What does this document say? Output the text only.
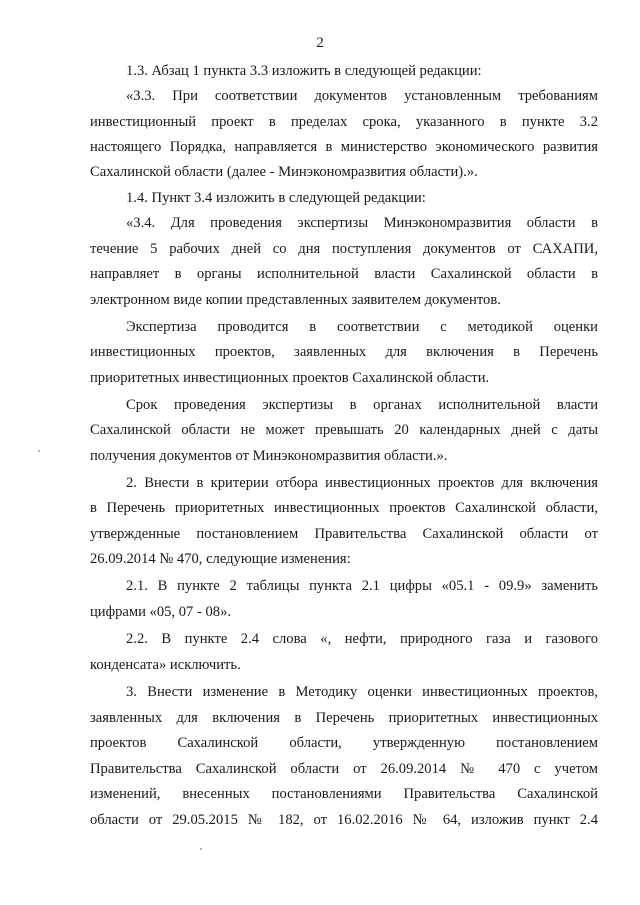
2
1.3. Абзац 1 пункта 3.3 изложить в следующей редакции:
«3.3. При соответствии документов установленным требованиям
инвестиционный проект в пределах срока, указанного в пункте 3.2
настоящего Порядка, направляется в министерство экономического развития
Сахалинской области (далее - Минэкономразвития области).».
1.4. Пункт 3.4 изложить в следующей редакции:
«3.4. Для проведения экспертизы Минэкономразвития области в
течение 5 рабочих дней со дня поступления документов от САХАПИ,
направляет в органы исполнительной власти Сахалинской области в
электронном виде копии представленных заявителем документов.
Экспертиза проводится в соответствии с методикой оценки
инвестиционных проектов, заявленных для включения в Перечень
приоритетных инвестиционных проектов Сахалинской области.
Срок проведения экспертизы в органах исполнительной власти
Сахалинской области не может превышать 20 календарных дней с даты
получения документов от Минэкономразвития области.».
2. Внести в критерии отбора инвестиционных проектов для включения
в Перечень приоритетных инвестиционных проектов Сахалинской области,
утвержденные постановлением Правительства Сахалинской области от
26.09.2014 № 470, следующие изменения:
2.1. В пункте 2 таблицы пункта 2.1 цифры «05.1 - 09.9» заменить
цифрами «05, 07 - 08».
2.2. В пункте 2.4 слова «, нефти, природного газа и газового
конденсата» исключить.
3. Внести изменение в Методику оценки инвестиционных проектов,
заявленных для включения в Перечень приоритетных инвестиционных
проектов Сахалинской области, утвержденную постановлением
Правительства Сахалинской области от 26.09.2014 № 470 с учетом
изменений, внесенных постановлениями Правительства Сахалинской
области от 29.05.2015 № 182, от 16.02.2016 № 64, изложив пункт 2.4
